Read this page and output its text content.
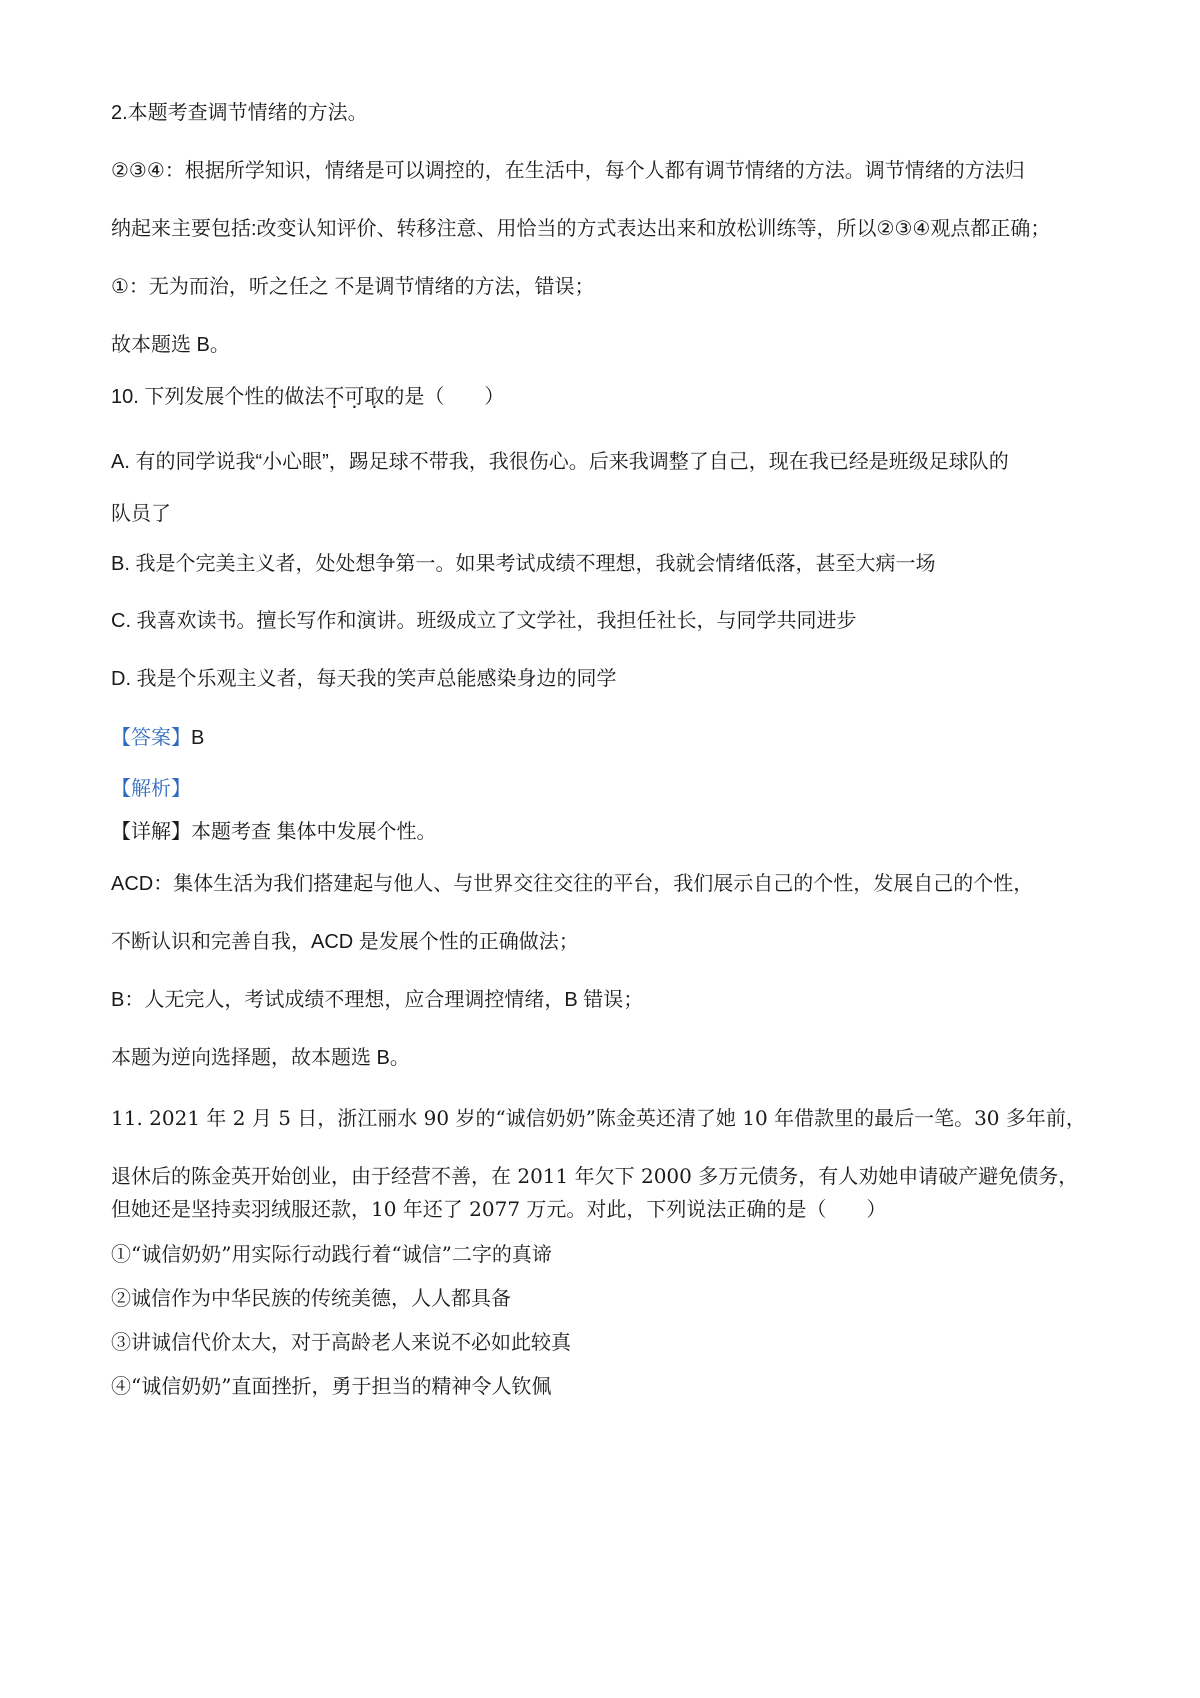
2.本题考查调节情绪的方法。
②③④：根据所学知识，情绪是可以调控的，在生活中，每个人都有调节情绪的方法。调节情绪的方法归
纳起来主要包括:改变认知评价、转移注意、用恰当的方式表达出来和放松训练等，所以②③④观点都正确；
①：无为而治，听之任之 不是调节情绪的方法，错误；
故本题选 B。
10. 下列发展个性的做法不可取的是（　　）
A. 有的同学说我“小心眼”，踢足球不带我，我很伤心。后来我调整了自己，现在我已经是班级足球队的
队员了
B. 我是个完美主义者，处处想争第一。如果考试成绩不理想，我就会情绪低落，甚至大病一场
C. 我喜欢读书。擅长写作和演讲。班级成立了文学社，我担任社长，与同学共同进步
D. 我是个乐观主义者，每天我的笑声总能感染身边的同学
【答案】B
【解析】
【详解】本题考查 集体中发展个性。
ACD：集体生活为我们搭建起与他人、与世界交往交往的平台，我们展示自己的个性，发展自己的个性，
不断认识和完善自我，ACD 是发展个性的正确做法；
B：人无完人，考试成绩不理想，应合理调控情绪，B 错误；
本题为逆向选择题，故本题选 B。
11. 2021 年 2 月 5 日，浙江丽水 90 岁的“诚信奶奶”陈金英还清了她 10 年借款里的最后一笔。30 多年前，
退休后的陈金英开始创业，由于经营不善，在 2011 年欠下 2000 多万元债务，有人劝她申请破产避免债务，
但她还是坚持卖羽绒服还款，10 年还了 2077 万元。对此，下列说法正确的是（　　）
①“诚信奶奶”用实际行动践行着“诚信”二字的真谛
②诚信作为中华民族的传统美德，人人都具备
③讲诚信代价太大，对于高龄老人来说不必如此较真
④“诚信奶奶”直面挫折，勇于担当的精神令人钦佩
